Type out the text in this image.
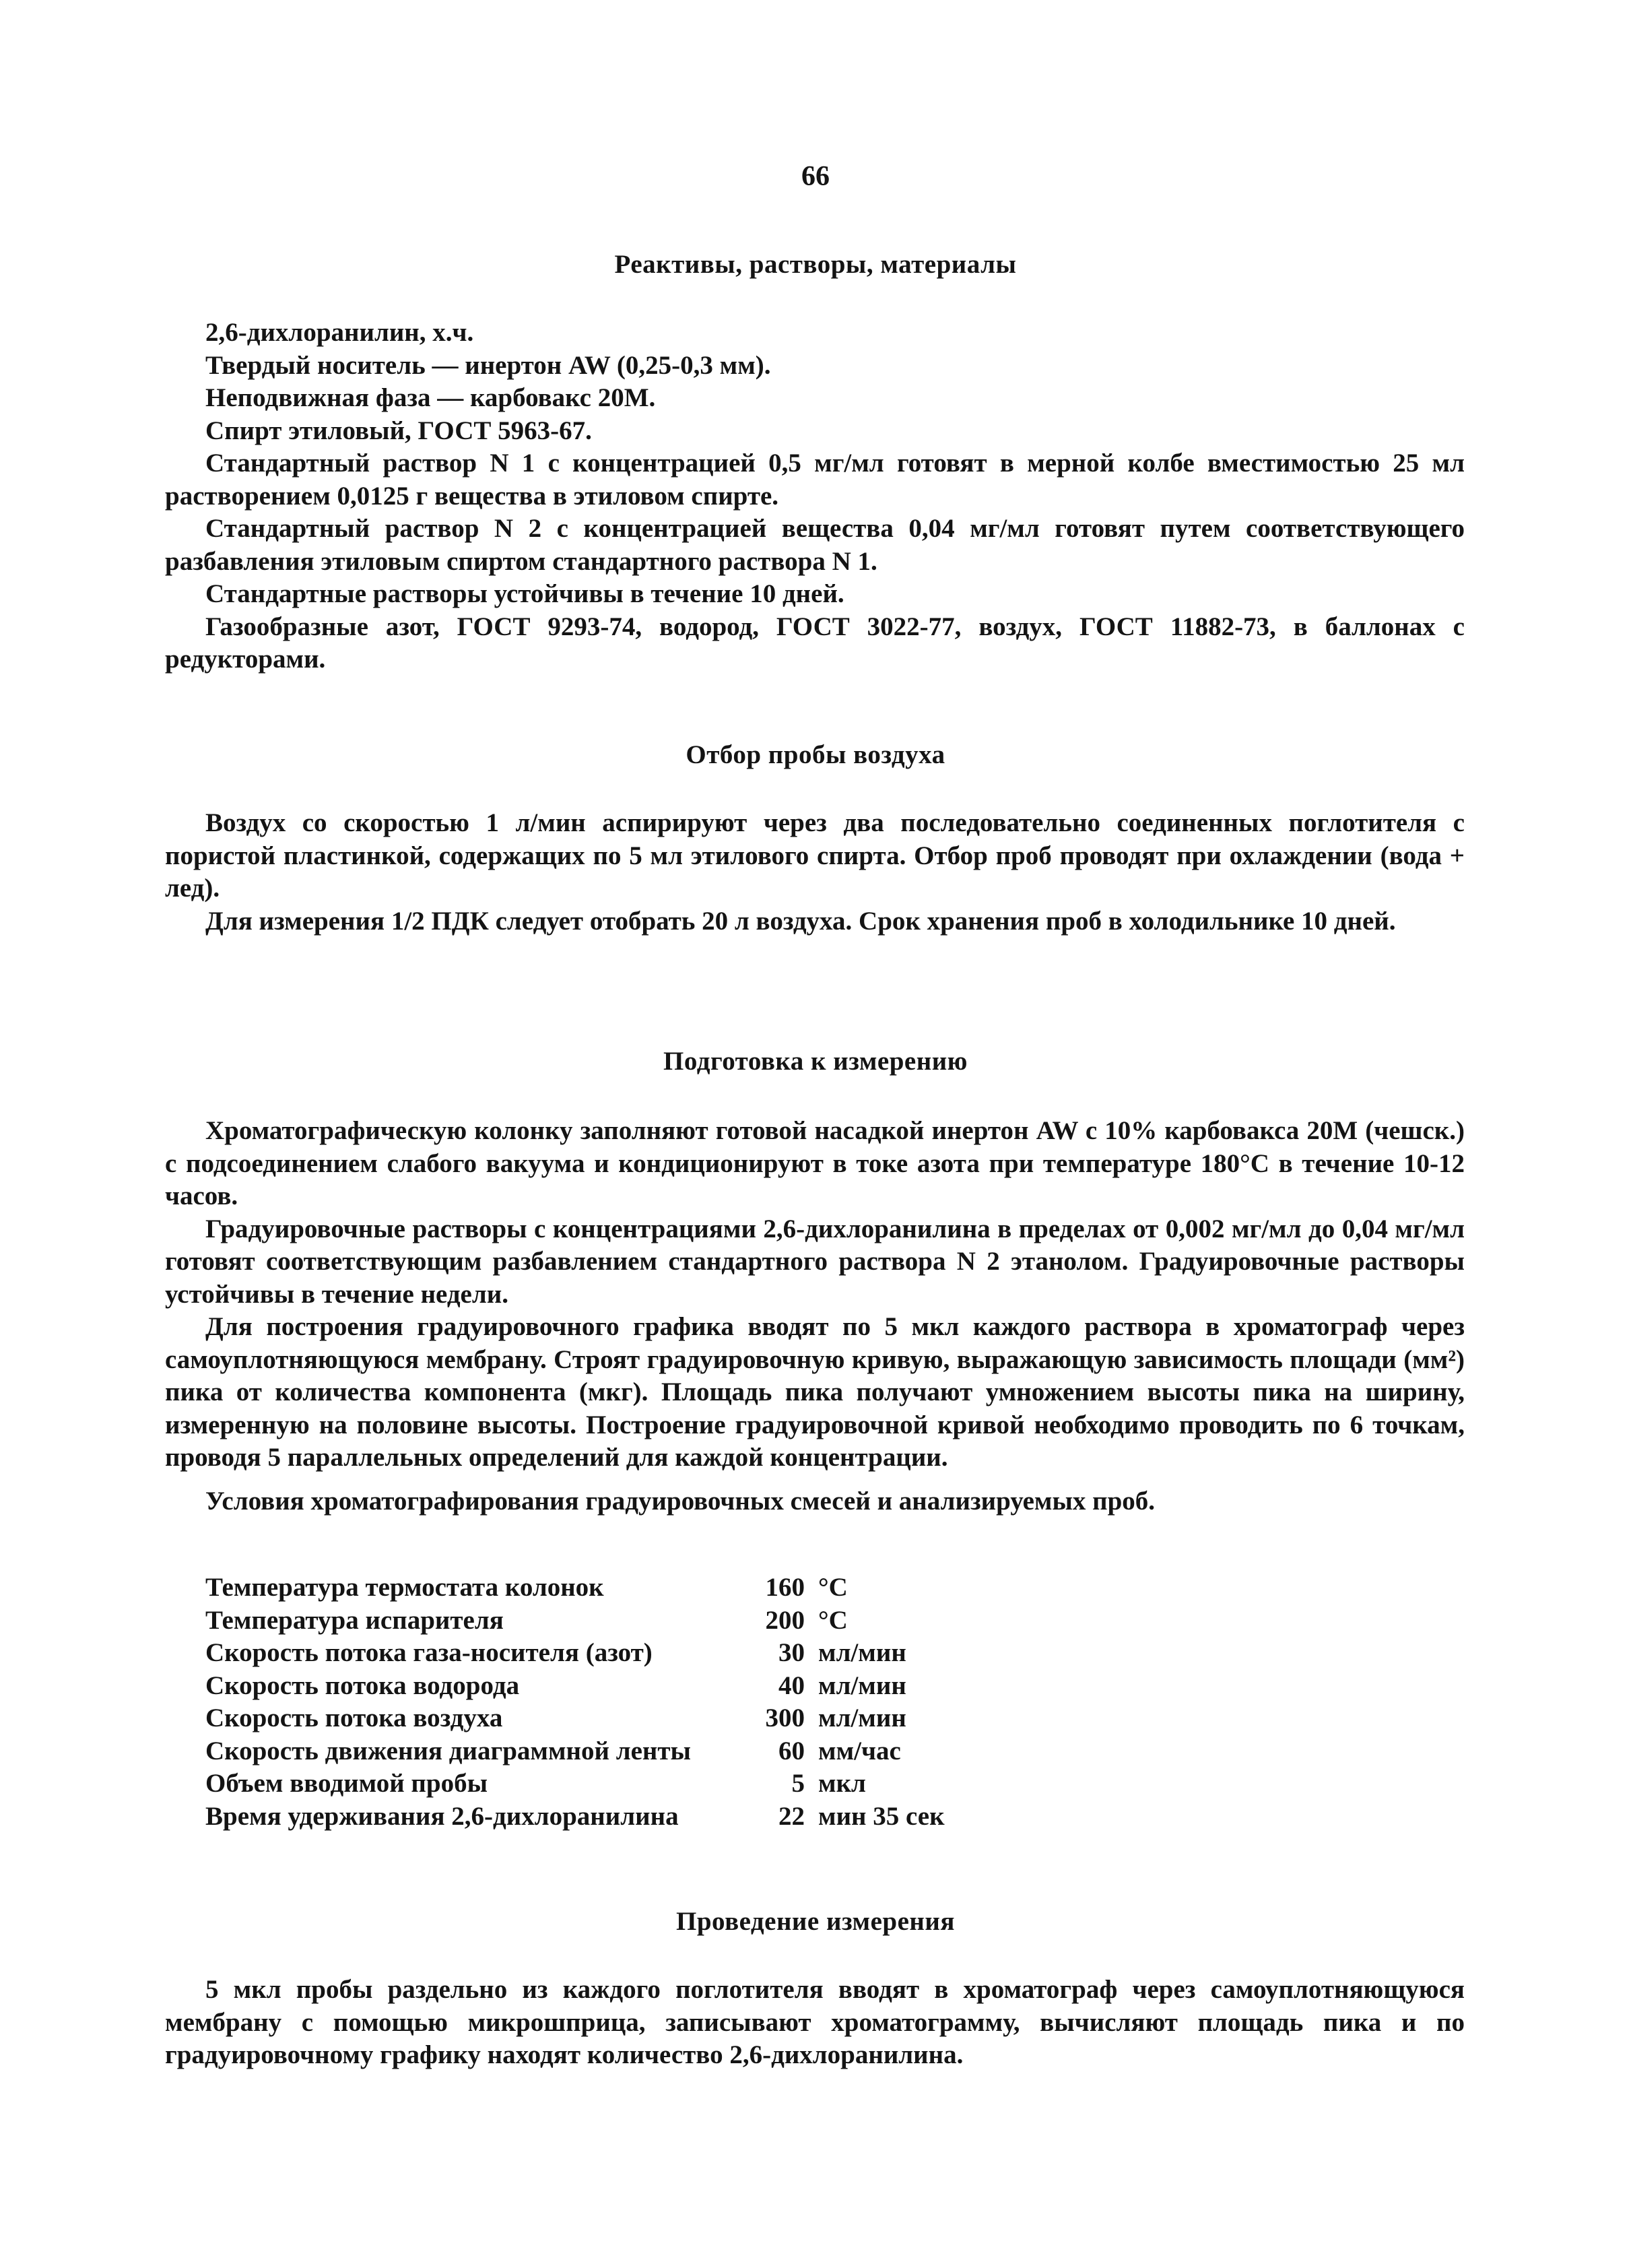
66
Реактивы, растворы, материалы

2,6-дихлоранилин, х.ч.

Твердый носитель — инертон AW (0,25-0,3 мм).

Неподвижная фаза — карбовакс 20М.

Спирт этиловый, ГОСТ 5963-67.

Стандартный раствор N 1 с концентрацией 0,5 мг/мл готовят в мерной колбе вместимостью 25 мл растворением 0,0125 г вещества в этиловом спирте.

Стандартный раствор N 2 с концентрацией вещества 0,04 мг/мл готовят путем соответствующего разбавления этиловым спиртом стандартного раствора N 1.

Стандартные растворы устойчивы в течение 10 дней.

Газообразные азот, ГОСТ 9293-74, водород, ГОСТ 3022-77, воздух, ГОСТ 11882-73, в баллонах с редукторами.

Отбор пробы воздуха

Воздух со скоростью 1 л/мин аспирируют через два последовательно соединенных поглотителя с пористой пластинкой, содержащих по 5 мл этилового спирта. Отбор проб проводят при охлаждении (вода + лед).

Для измерения 1/2 ПДК следует отобрать 20 л воздуха. Срок хранения проб в холодильнике 10 дней.

Подготовка к измерению

Хроматографическую колонку заполняют готовой насадкой инертон AW с 10% карбовакса 20М (чешск.) с подсоединением слабого вакуума и кондиционируют в токе азота при температуре 180°С в течение 10-12 часов.

Градуировочные растворы с концентрациями 2,6-дихлоранилина в пределах от 0,002 мг/мл до 0,04 мг/мл готовят соответствующим разбавлением стандартного раствора N 2 этанолом. Градуировочные растворы устойчивы в течение недели.

Для построения градуировочного графика вводят по 5 мкл каждого раствора в хроматограф через самоуплотняющуюся мембрану. Строят градуировочную кривую, выражающую зависимость площади (мм²) пика от количества компонента (мкг). Площадь пика получают умножением высоты пика на ширину, измеренную на половине высоты. Построение градуировочной кривой необходимо проводить по 6 точкам, проводя 5 параллельных определений для каждой концентрации.

Условия хроматографирования градуировочных смесей и анализируемых проб.

Температура термостата колонок	160	°С
Температура испарителя	200	°С
Скорость потока газа-носителя (азот)	30	мл/мин
Скорость потока водорода	40	мл/мин
Скорость потока воздуха	300	мл/мин
Скорость движения диаграммной ленты	60	мм/час
Объем вводимой пробы	5	мкл
Время удерживания 2,6-дихлоранилина	22	мин 35 сек
Проведение измерения

5 мкл пробы раздельно из каждого поглотителя вводят в хроматограф через самоуплотняющуюся мембрану с помощью микрошприца, записывают хроматограмму, вычисляют площадь пика и по градуировочному графику находят количество 2,6-дихлоранилина.
